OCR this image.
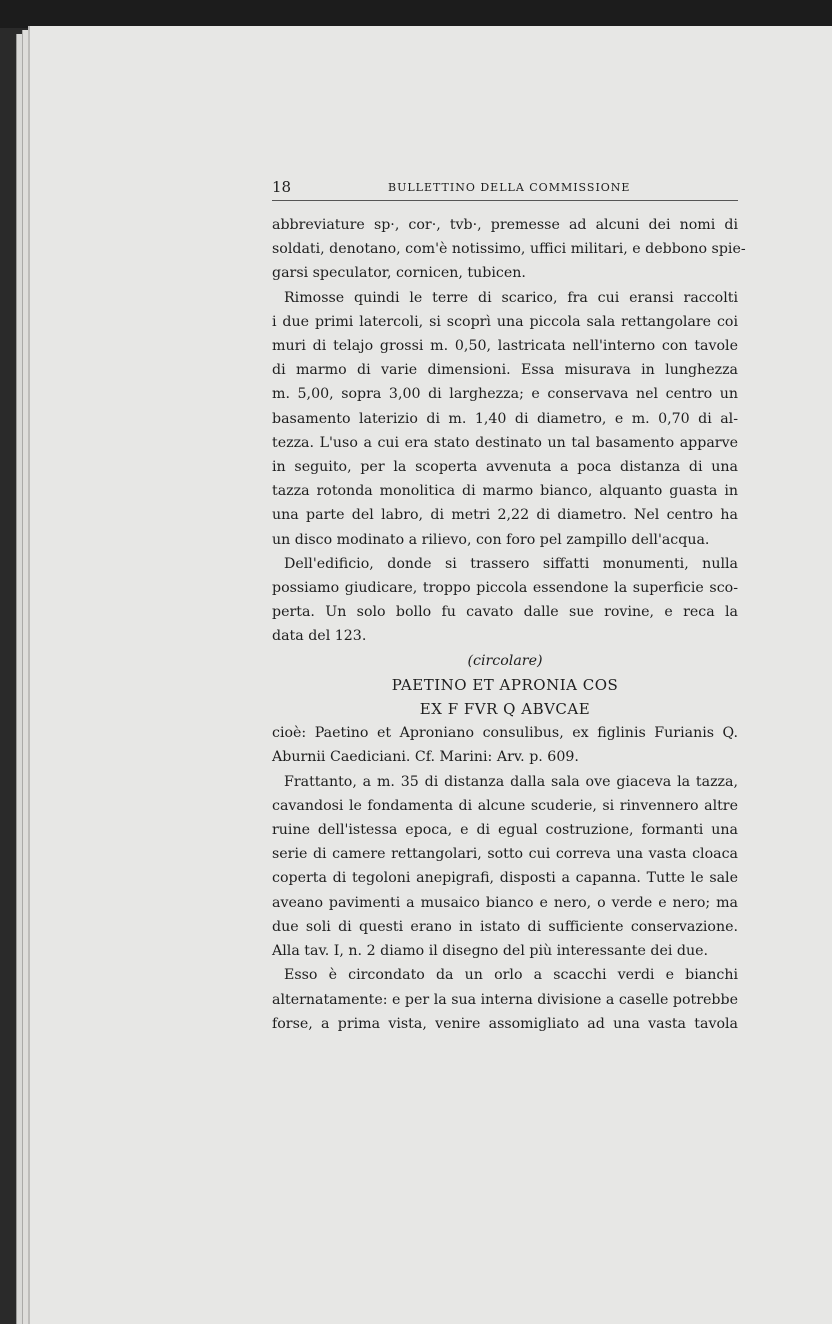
18	BULLETTINO DELLA COMMISSIONE
abbreviature sp·, cor·, tvb·, premesse ad alcuni dei nomi di
soldati, denotano, com'è notissimo, uffici militari, e debbono spie-
garsi speculator, cornicen, tubicen.
Rimosse quindi le terre di scarico, fra cui eransi raccolti
i due primi latercoli, si scoprì una piccola sala rettangolare coi
muri di telajo grossi m. 0,50, lastricata nell'interno con tavole
di marmo di varie dimensioni. Essa misurava in lunghezza
m. 5,00, sopra 3,00 di larghezza; e conservava nel centro un
basamento laterizio di m. 1,40 di diametro, e m. 0,70 di al-
tezza. L'uso a cui era stato destinato un tal basamento apparve
in seguito, per la scoperta avvenuta a poca distanza di una
tazza rotonda monolitica di marmo bianco, alquanto guasta in
una parte del labro, di metri 2,22 di diametro. Nel centro ha
un disco modinato a rilievo, con foro pel zampillo dell'acqua.
Dell'edificio, donde si trassero siffatti monumenti, nulla
possiamo giudicare, troppo piccola essendone la superficie sco-
perta. Un solo bollo fu cavato dalle sue rovine, e reca la
data del 123.
(circolare)
PAETINO ET APRONIA COS
EX F FVR Q ABVCAE
cioè: Paetino et Aproniano consulibus, ex figlinis Furianis Q.
Aburnii Caediciani. Cf. Marini: Arv. p. 609.
Frattanto, a m. 35 di distanza dalla sala ove giaceva la tazza,
cavandosi le fondamenta di alcune scuderie, si rinvennero altre
ruine dell'istessa epoca, e di egual costruzione, formanti una
serie di camere rettangolari, sotto cui correva una vasta cloaca
coperta di tegoloni anepigrafi, disposti a capanna. Tutte le sale
aveano pavimenti a musaico bianco e nero, o verde e nero; ma
due soli di questi erano in istato di sufficiente conservazione.
Alla tav. I, n. 2 diamo il disegno del più interessante dei due.
Esso è circondato da un orlo a scacchi verdi e bianchi
alternatamente: e per la sua interna divisione a caselle potrebbe
forse, a prima vista, venire assomigliato ad una vasta tavola
